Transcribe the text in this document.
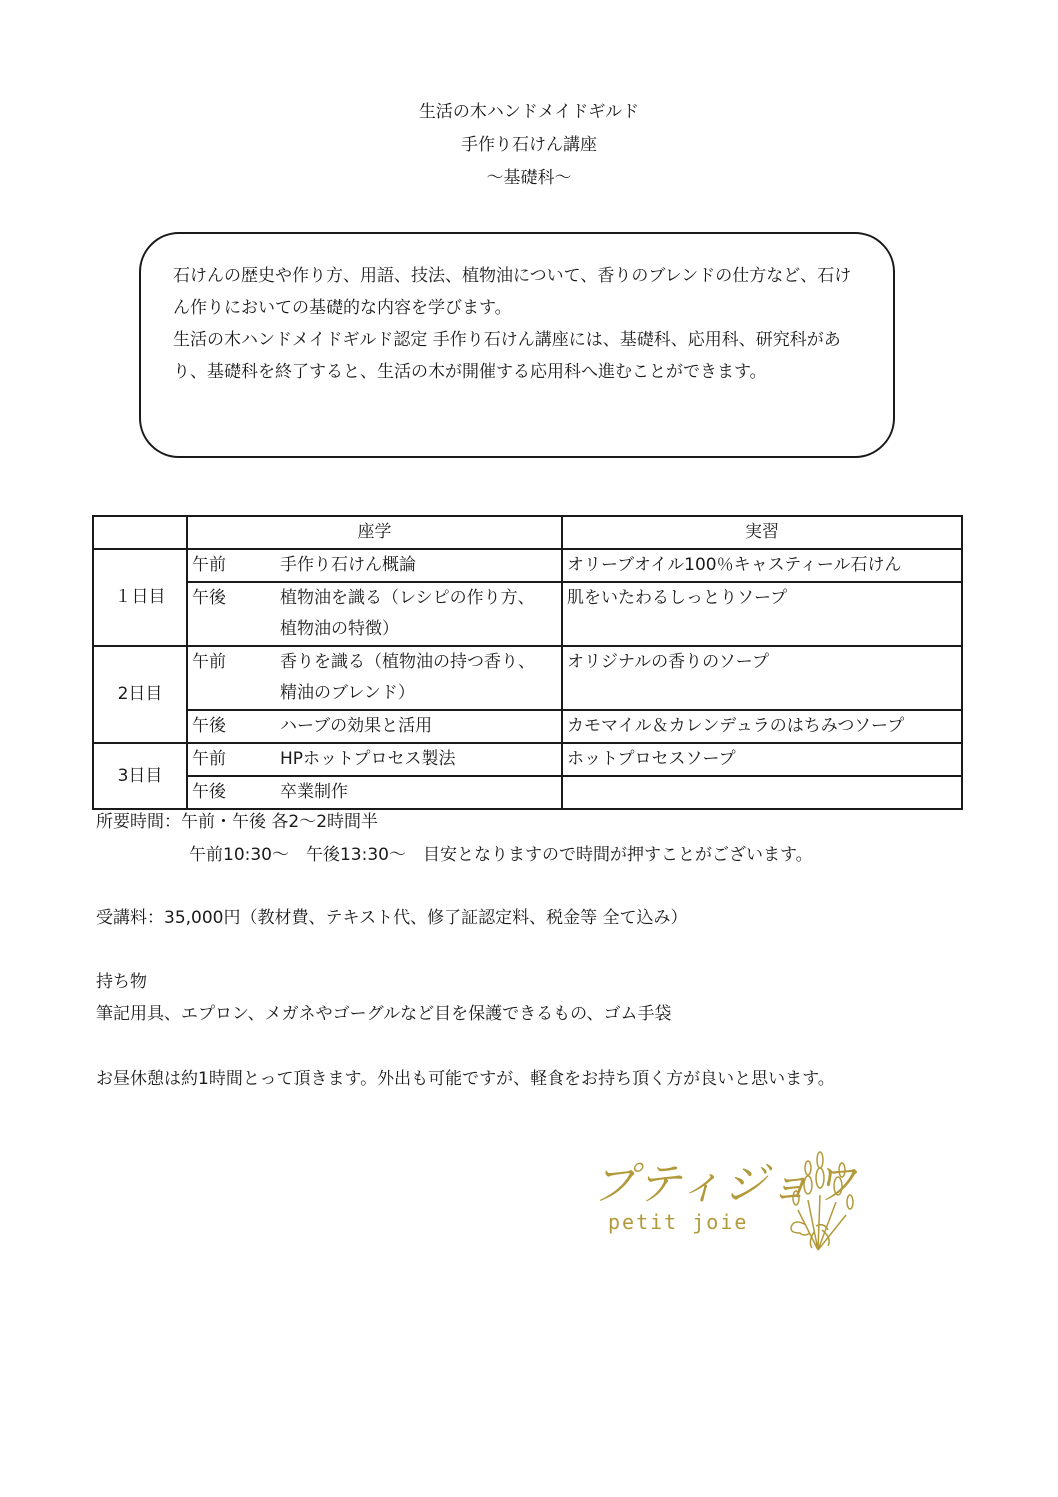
生活の木ハンドメイドギルド
手作り石けん講座
〜基礎科〜

石けんの歴史や作り方、用語、技法、植物油について、香りのブレンドの仕方など、石けん作りにおいての基礎的な内容を学びます。

生活の木ハンドメイドギルド認定 手作り石けん講座には、基礎科、応用科、研究科があり、基礎科を終了すると、生活の木が開催する応用科へ進むことができます。

	座学	実習
１日目	午前 手作り石けん概論	オリーブオイル100％キャスティール石けん

	午後 植物油を識る（レシピの作り方、
植物油の特徴）	肌をいたわるしっとりソープ
2日目	午前 香りを識る（植物油の持つ香り、
精油のブレンド）	オリジナルの香りのソープ
	午後 ハーブの効果と活用	カモマイル＆カレンデュラのはちみつソープ
3日目	午前 HPホットプロセス製法	ホットプロセスソープ
	午後 卒業制作	
所要時間：午前・午後 各2〜2時間半
午前10:30〜　午後13:30〜　目安となりますので時間が押すことがございます。
受講料：35,000円（教材費、テキスト代、修了証認定料、税金等 全て込み）
持ち物
筆記用具、エプロン、メガネやゴーグルなど目を保護できるもの、ゴム手袋
お昼休憩は約1時間とって頂きます。外出も可能ですが、軽食をお持ち頂く方が良いと思います。
プティジョワ
petit joie
